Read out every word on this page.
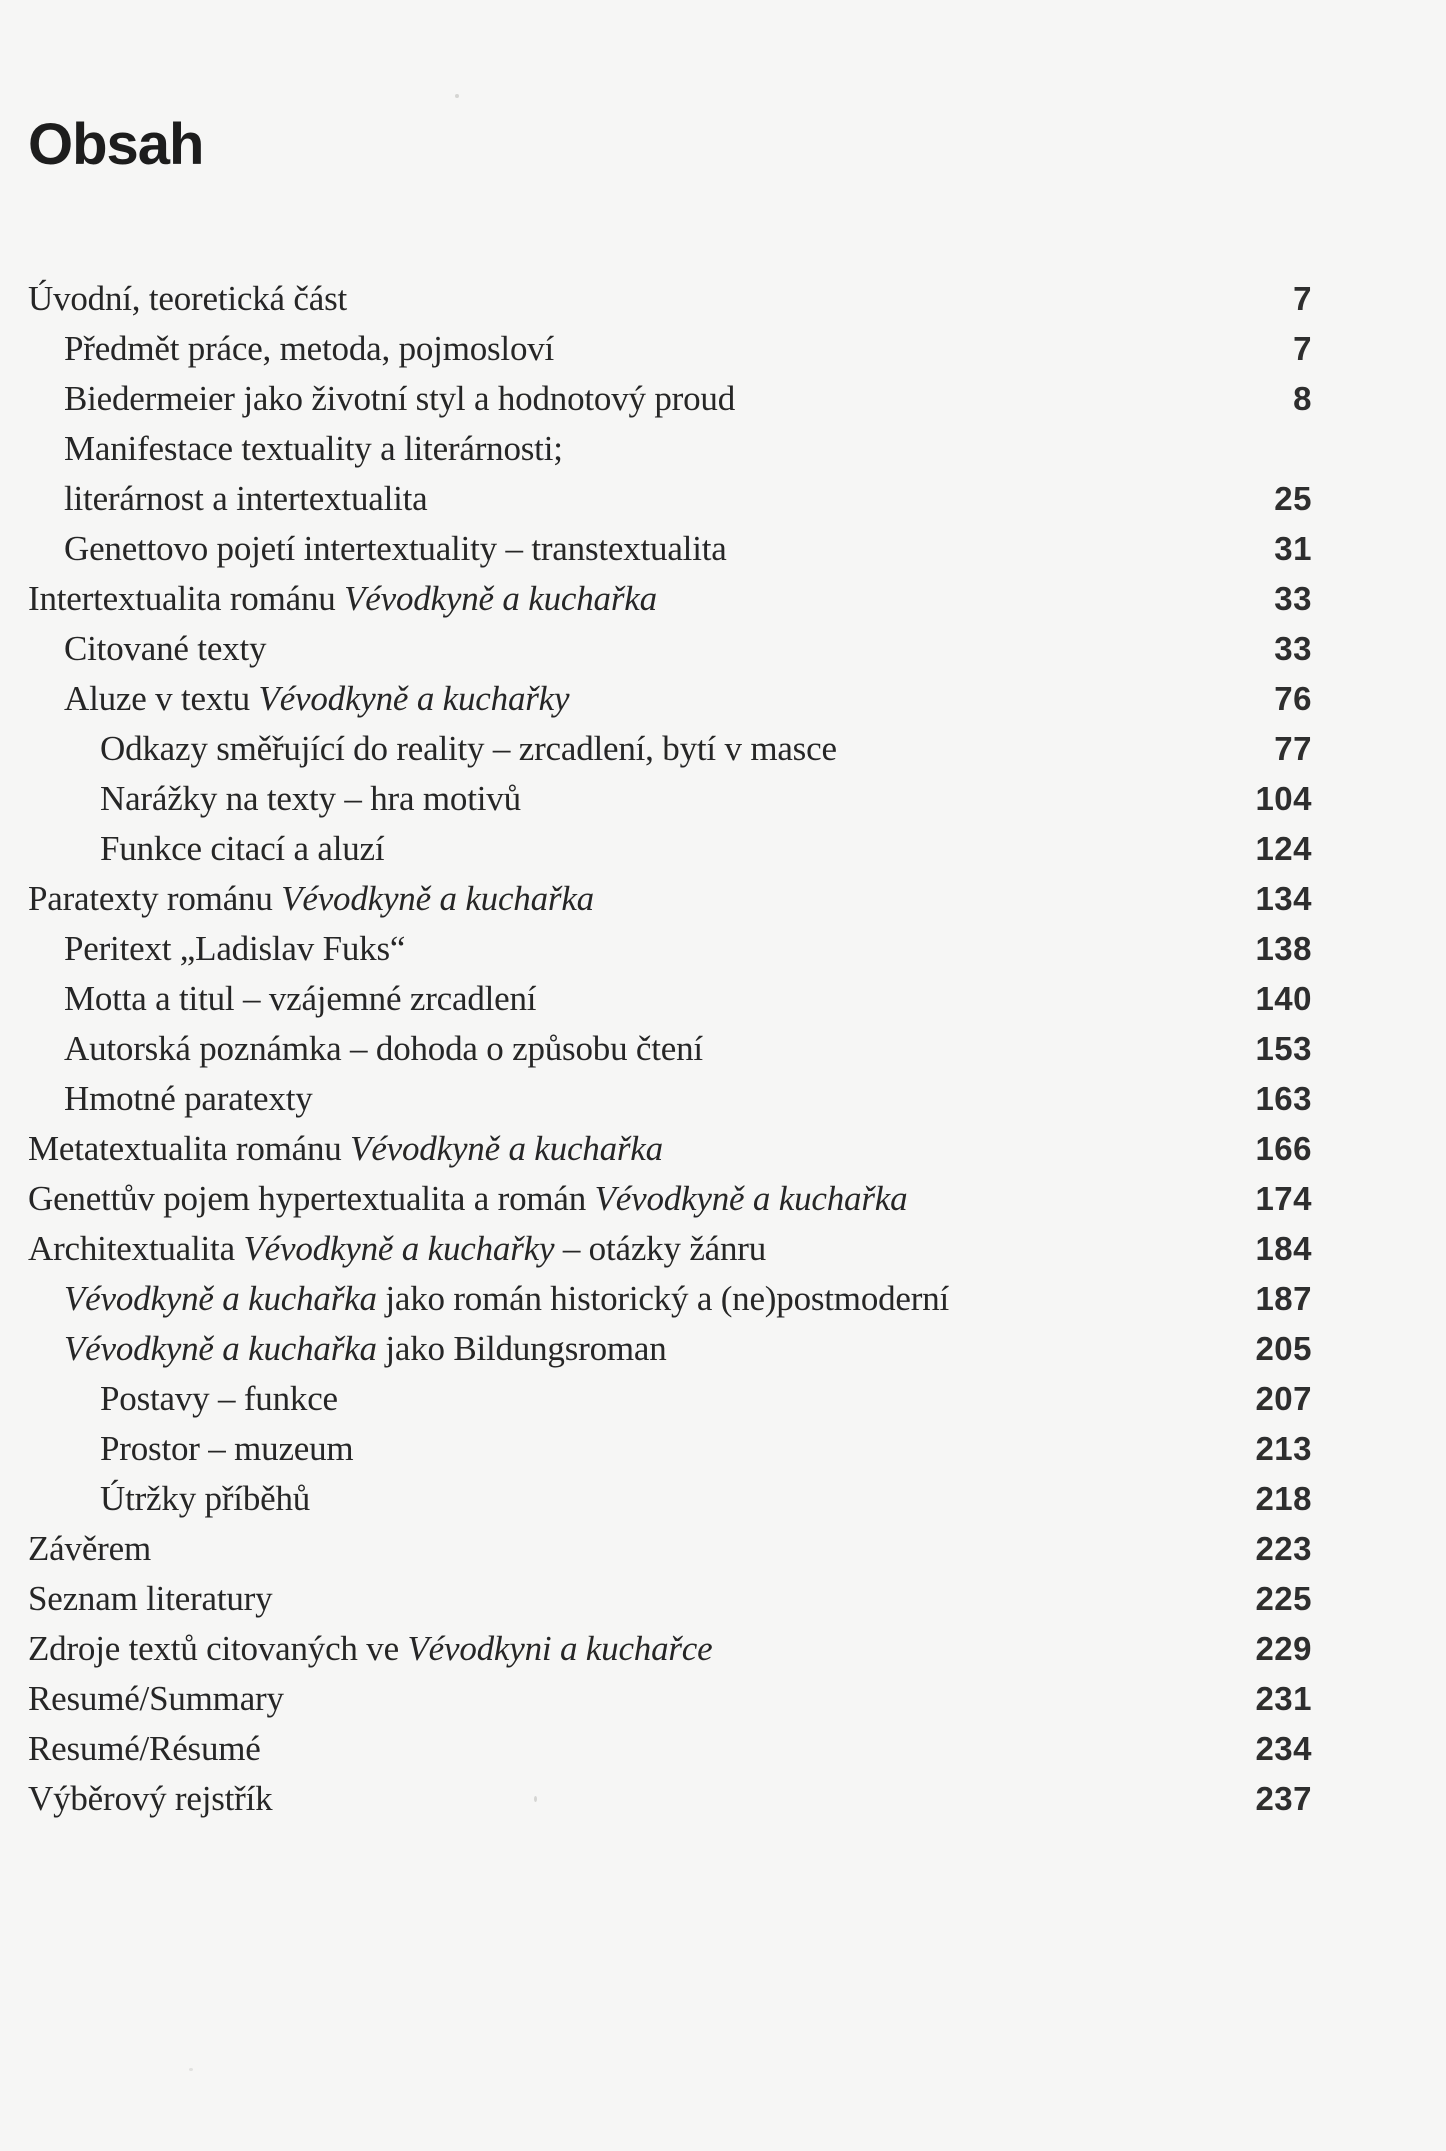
Obsah
Úvodní, teoretická část	7
Předmět práce, metoda, pojmosloví	7
Biedermeier jako životní styl a hodnotový proud	8
Manifestace textuality a literárnosti;
literárnost a intertextualita	25
Genettovo pojetí intertextuality – transtextualita	31
Intertextualita románu Vévodkyně a kuchařka	33
Citované texty	33
Aluze v textu Vévodkyně a kuchařky	76
Odkazy směřující do reality – zrcadlení, bytí v masce	77
Narážky na texty – hra motivů	104
Funkce citací a aluzí	124
Paratexty románu Vévodkyně a kuchařka	134
Peritext „Ladislav Fuks“	138
Motta a titul – vzájemné zrcadlení	140
Autorská poznámka – dohoda o způsobu čtení	153
Hmotné paratexty	163
Metatextualita románu Vévodkyně a kuchařka	166
Genettův pojem hypertextualita a román Vévodkyně a kuchařka	174
Architextualita Vévodkyně a kuchařky – otázky žánru	184
Vévodkyně a kuchařka jako román historický a (ne)postmoderní	187
Vévodkyně a kuchařka jako Bildungsroman	205
Postavy – funkce	207
Prostor – muzeum	213
Útržky příběhů	218
Závěrem	223
Seznam literatury	225
Zdroje textů citovaných ve Vévodkyni a kuchařce	229
Resumé/Summary	231
Resumé/Résumé	234
Výběrový rejstřík	237
